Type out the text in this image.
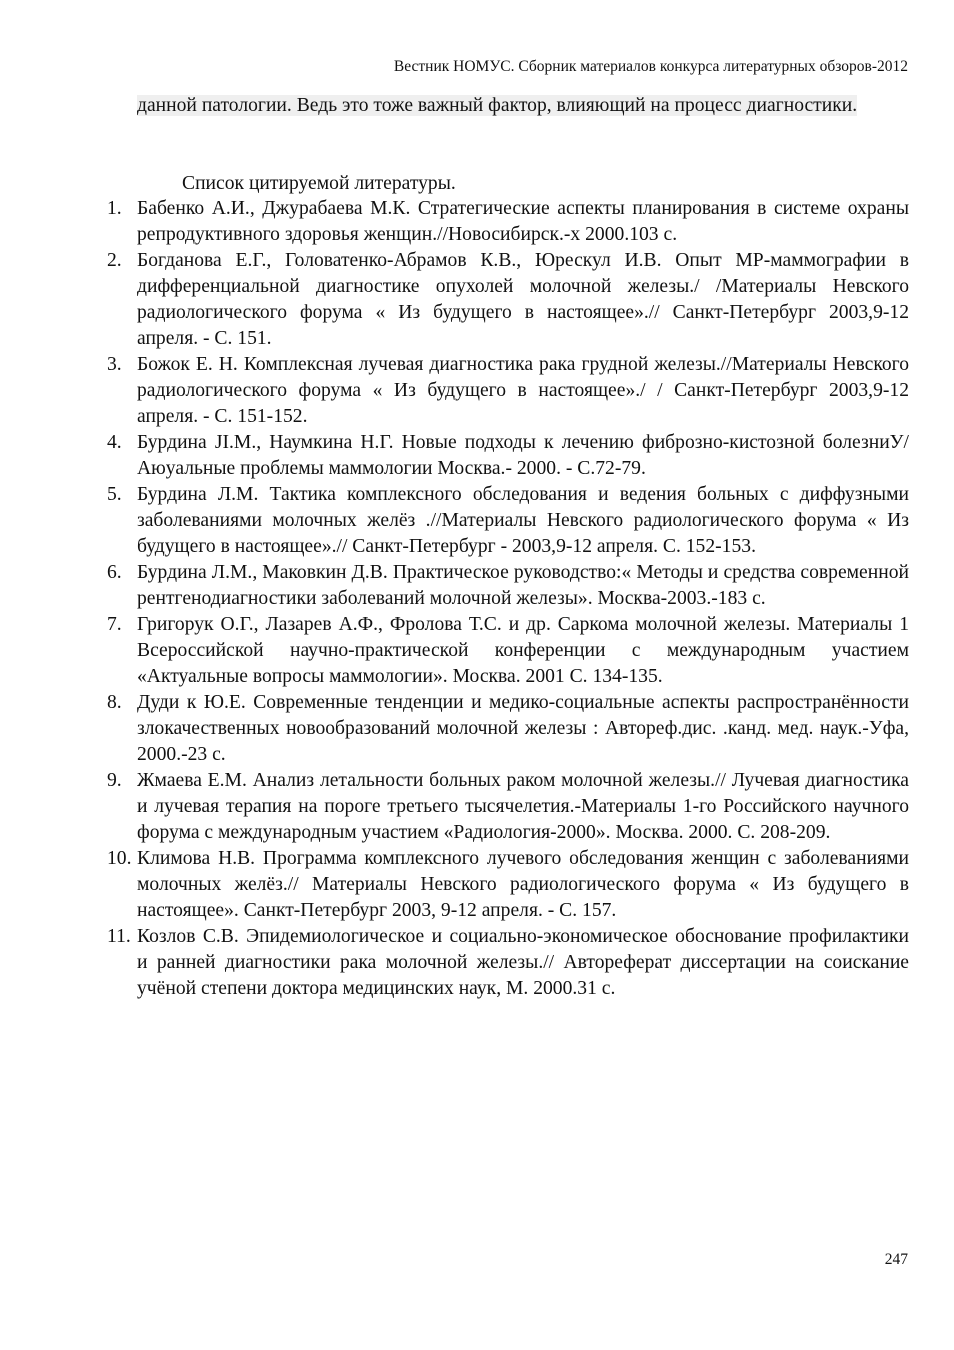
Вестник НОМУС. Сборник материалов конкурса литературных обзоров-2012
данной патологии. Ведь это тоже важный фактор, влияющий на процесс диагностики.
Список цитируемой литературы.
1. Бабенко А.И., Джурабаева М.К. Стратегические аспекты планирования в системе охраны репродуктивного здоровья женщин.//Новосибирск.-х 2000.103 с.
2. Богданова Е.Г., Головатенко-Абрамов К.В., Юрескул И.В. Опыт МР-маммографии в дифференциальной диагностике опухолей молочной железы./ /Материалы Невского радиологического форума « Из будущего в настоящее».// Санкт-Петербург 2003,9-12 апреля. - С. 151.
3. Божок Е. Н. Комплексная лучевая диагностика рака грудной железы.//Материалы Невского радиологического форума « Из будущего в настоящее»./ / Санкт-Петербург 2003,9-12 апреля. - С. 151-152.
4. Бурдина JI.M., Наумкина Н.Г. Новые подходы к лечению фиброзно-кистозной болезниУ/Аюуальные проблемы маммологии Москва.- 2000. - С.72-79.
5. Бурдина Л.М. Тактика комплексного обследования и ведения больных с диффузными заболеваниями молочных желёз .//Материалы Невского радиологического форума « Из будущего в настоящее».// Санкт-Петербург - 2003,9-12 апреля. С. 152-153.
6. Бурдина Л.М., Маковкин Д.В. Практическое руководство:« Методы и средства современной рентгенодиагностики заболеваний молочной железы». Москва-2003.-183 с.
7. Григорук О.Г., Лазарев А.Ф., Фролова Т.С. и др. Саркома молочной железы. Материалы 1 Всероссийской научно-практической конференции с международным участием «Актуальные вопросы маммологии». Москва. 2001 С. 134-135.
8. Дуди к Ю.Е. Современные тенденции и медико-социальные аспекты распространённости злокачественных новообразований молочной железы : Автореф.дис. .канд. мед. наук.-Уфа, 2000.-23 с.
9. Жмаева Е.М. Анализ летальности больных раком молочной железы.// Лучевая диагностика и лучевая терапия на пороге третьего тысячелетия.-Материалы 1-го Российского научного форума с международным участием «Радиология-2000». Москва. 2000. С. 208-209.
10. Климова Н.В. Программа комплексного лучевого обследования женщин с заболеваниями молочных желёз.// Материалы Невского радиологического форума « Из будущего в настоящее». Санкт-Петербург 2003, 9-12 апреля. - С. 157.
11. Козлов С.В. Эпидемиологическое и социально-экономическое обоснование профилактики и ранней диагностики рака молочной железы.// Автореферат диссертации на соискание учёной степени доктора медицинских наук, М. 2000.31 с.
247
